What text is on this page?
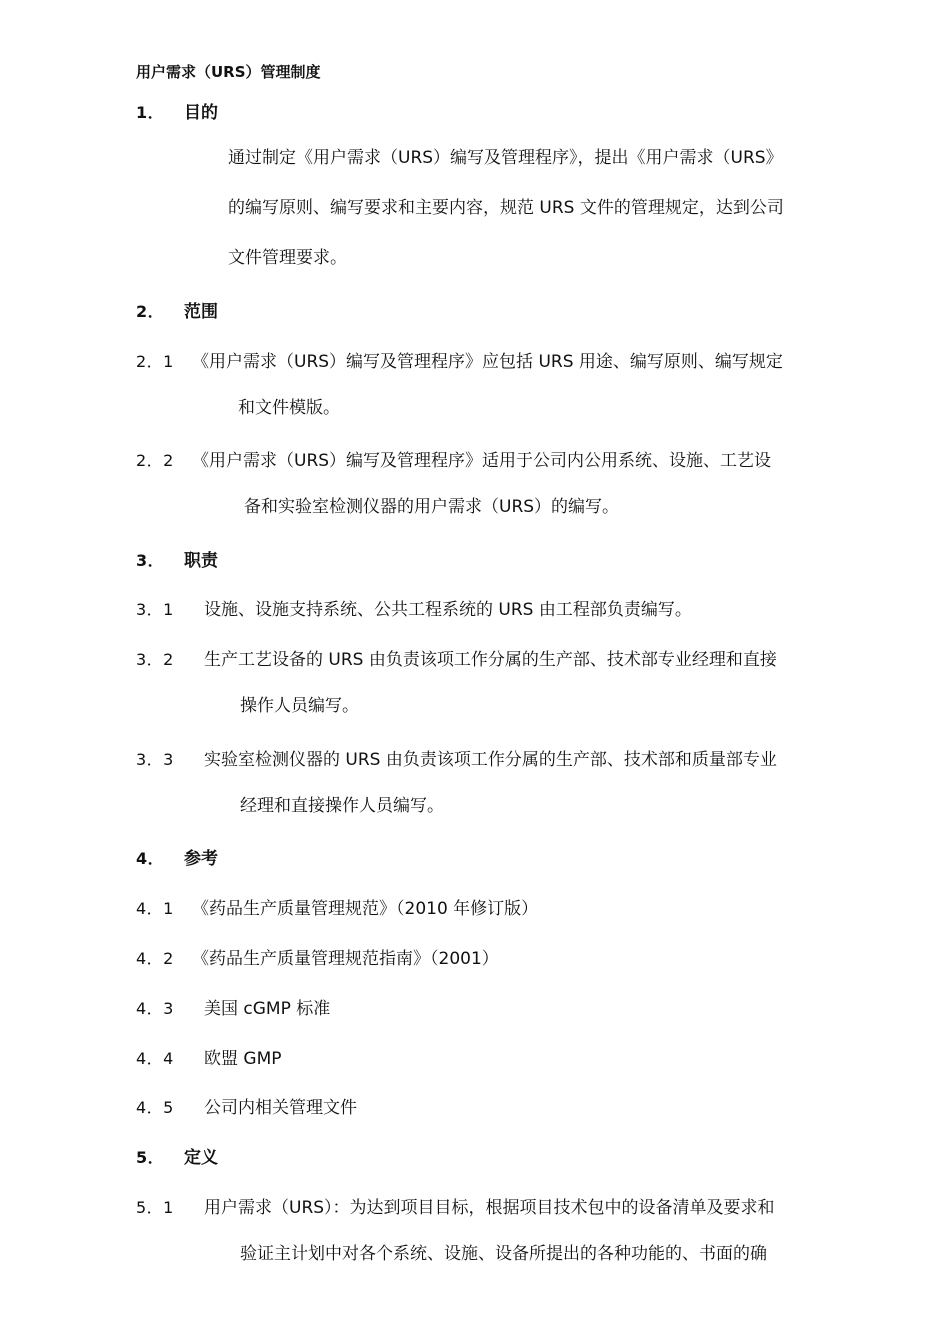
用户需求（URS）管理制度
1． 目的
通过制定《用户需求（URS）编写及管理程序》，提出《用户需求（URS》
的编写原则、编写要求和主要内容，规范 URS 文件的管理规定，达到公司
文件管理要求。
2． 范围
2．1 《用户需求（URS）编写及管理程序》应包括 URS 用途、编写原则、编写规定
和文件模版。
2．2 《用户需求（URS）编写及管理程序》适用于公司内公用系统、设施、工艺设
备和实验室检测仪器的用户需求（URS）的编写。
3． 职责
3．1 设施、设施支持系统、公共工程系统的 URS 由工程部负责编写。
3．2 生产工艺设备的 URS 由负责该项工作分属的生产部、技术部专业经理和直接
操作人员编写。
3．3 实验室检测仪器的 URS 由负责该项工作分属的生产部、技术部和质量部专业
经理和直接操作人员编写。
4． 参考
4．1 《药品生产质量管理规范》（2010 年修订版）
4．2 《药品生产质量管理规范指南》（2001）
4．3 美国 cGMP 标准
4．4 欧盟 GMP
4．5 公司内相关管理文件
5． 定义
5．1 用户需求（URS）：为达到项目目标，根据项目技术包中的设备清单及要求和
验证主计划中对各个系统、设施、设备所提出的各种功能的、书面的确
